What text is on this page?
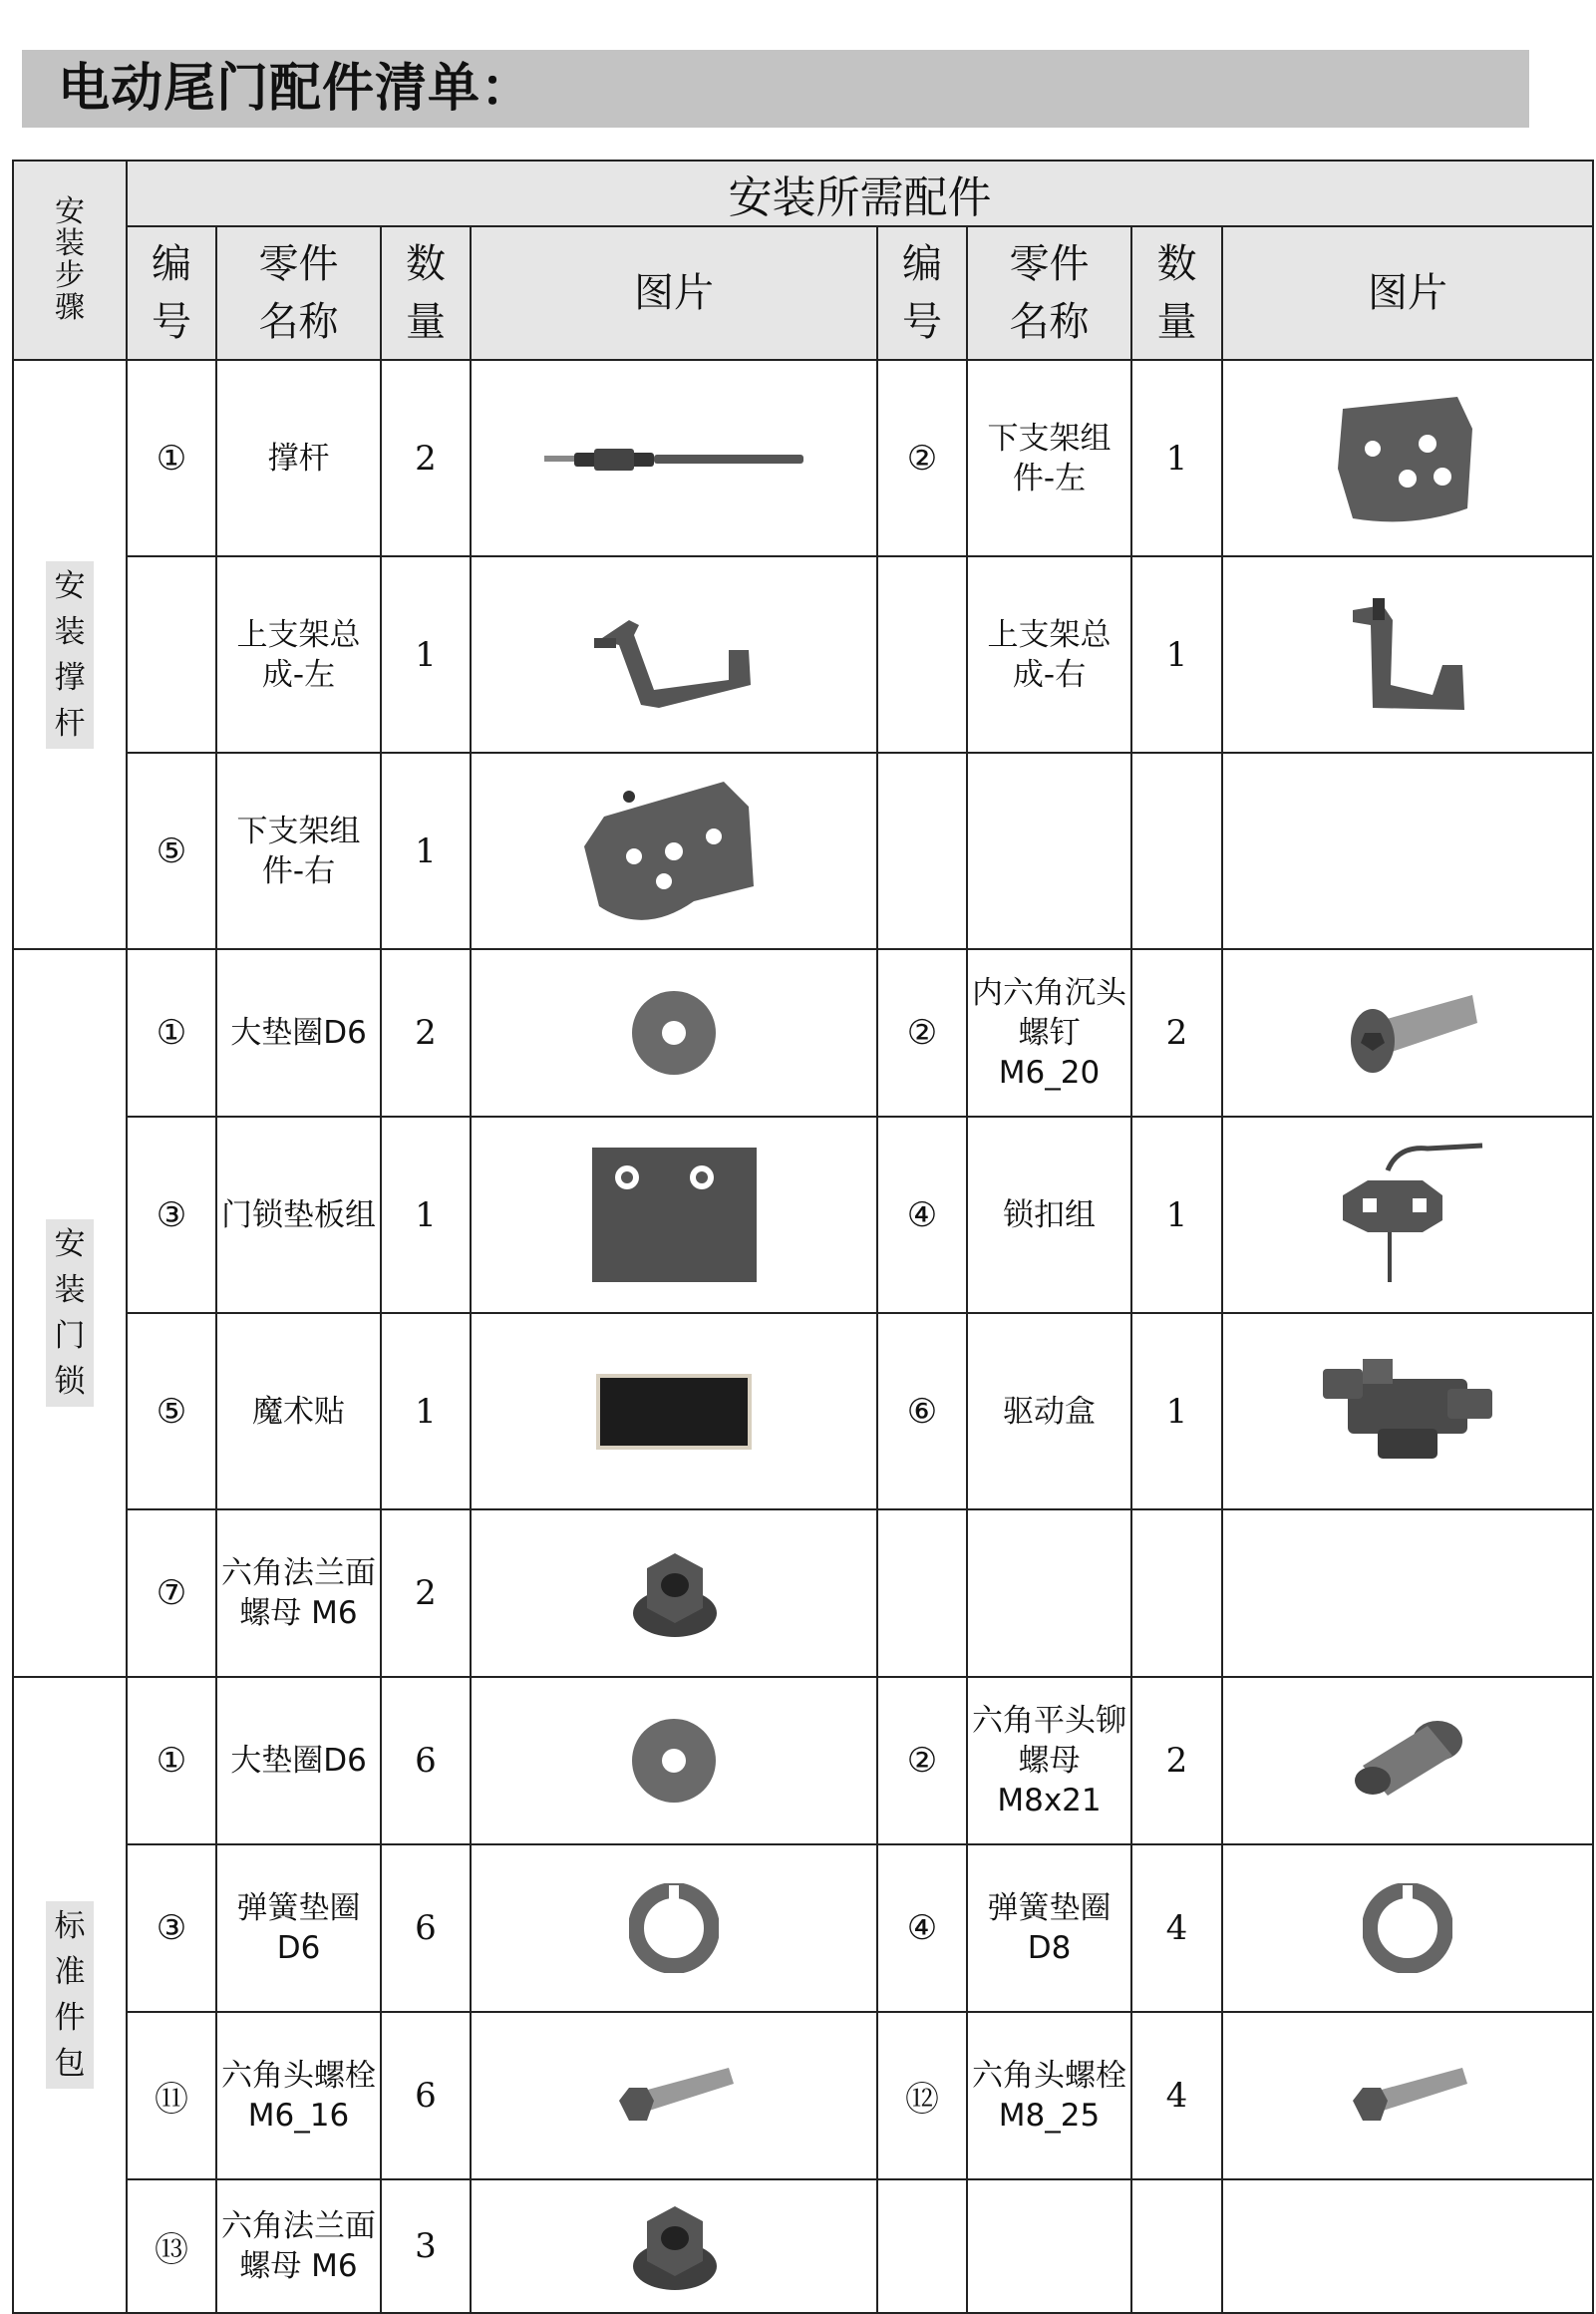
电动尾门配件清单：
安装步骤	安装所需配件							
	编号	零件名称	数量	图片	编号	零件名称	数量	图片
安装撑杆	①	撑杆	2		②	下支架组件-左	1	

		上支架总成-左	1			上支架总成-右	1	

	⑤	下支架组件-右	1	

安装门锁	①	大垫圈D6	2		②	内六角沉头螺钉M6_20	2	

	③	门锁垫板组	1		④	锁扣组	1	

	⑤	魔术贴	1		⑥	驱动盒	1	

	⑦	六角法兰面螺母 M6	2	

标准件包	①	大垫圈D6	6		②	六角平头铆螺母M8x21	2	

	③	弹簧垫圈 D6	6		④	弹簧垫圈 D8	4	

	⑪	六角头螺栓M6_16	6		⑫	六角头螺栓M8_25	4	

	⑬	六角法兰面螺母 M6	3	
